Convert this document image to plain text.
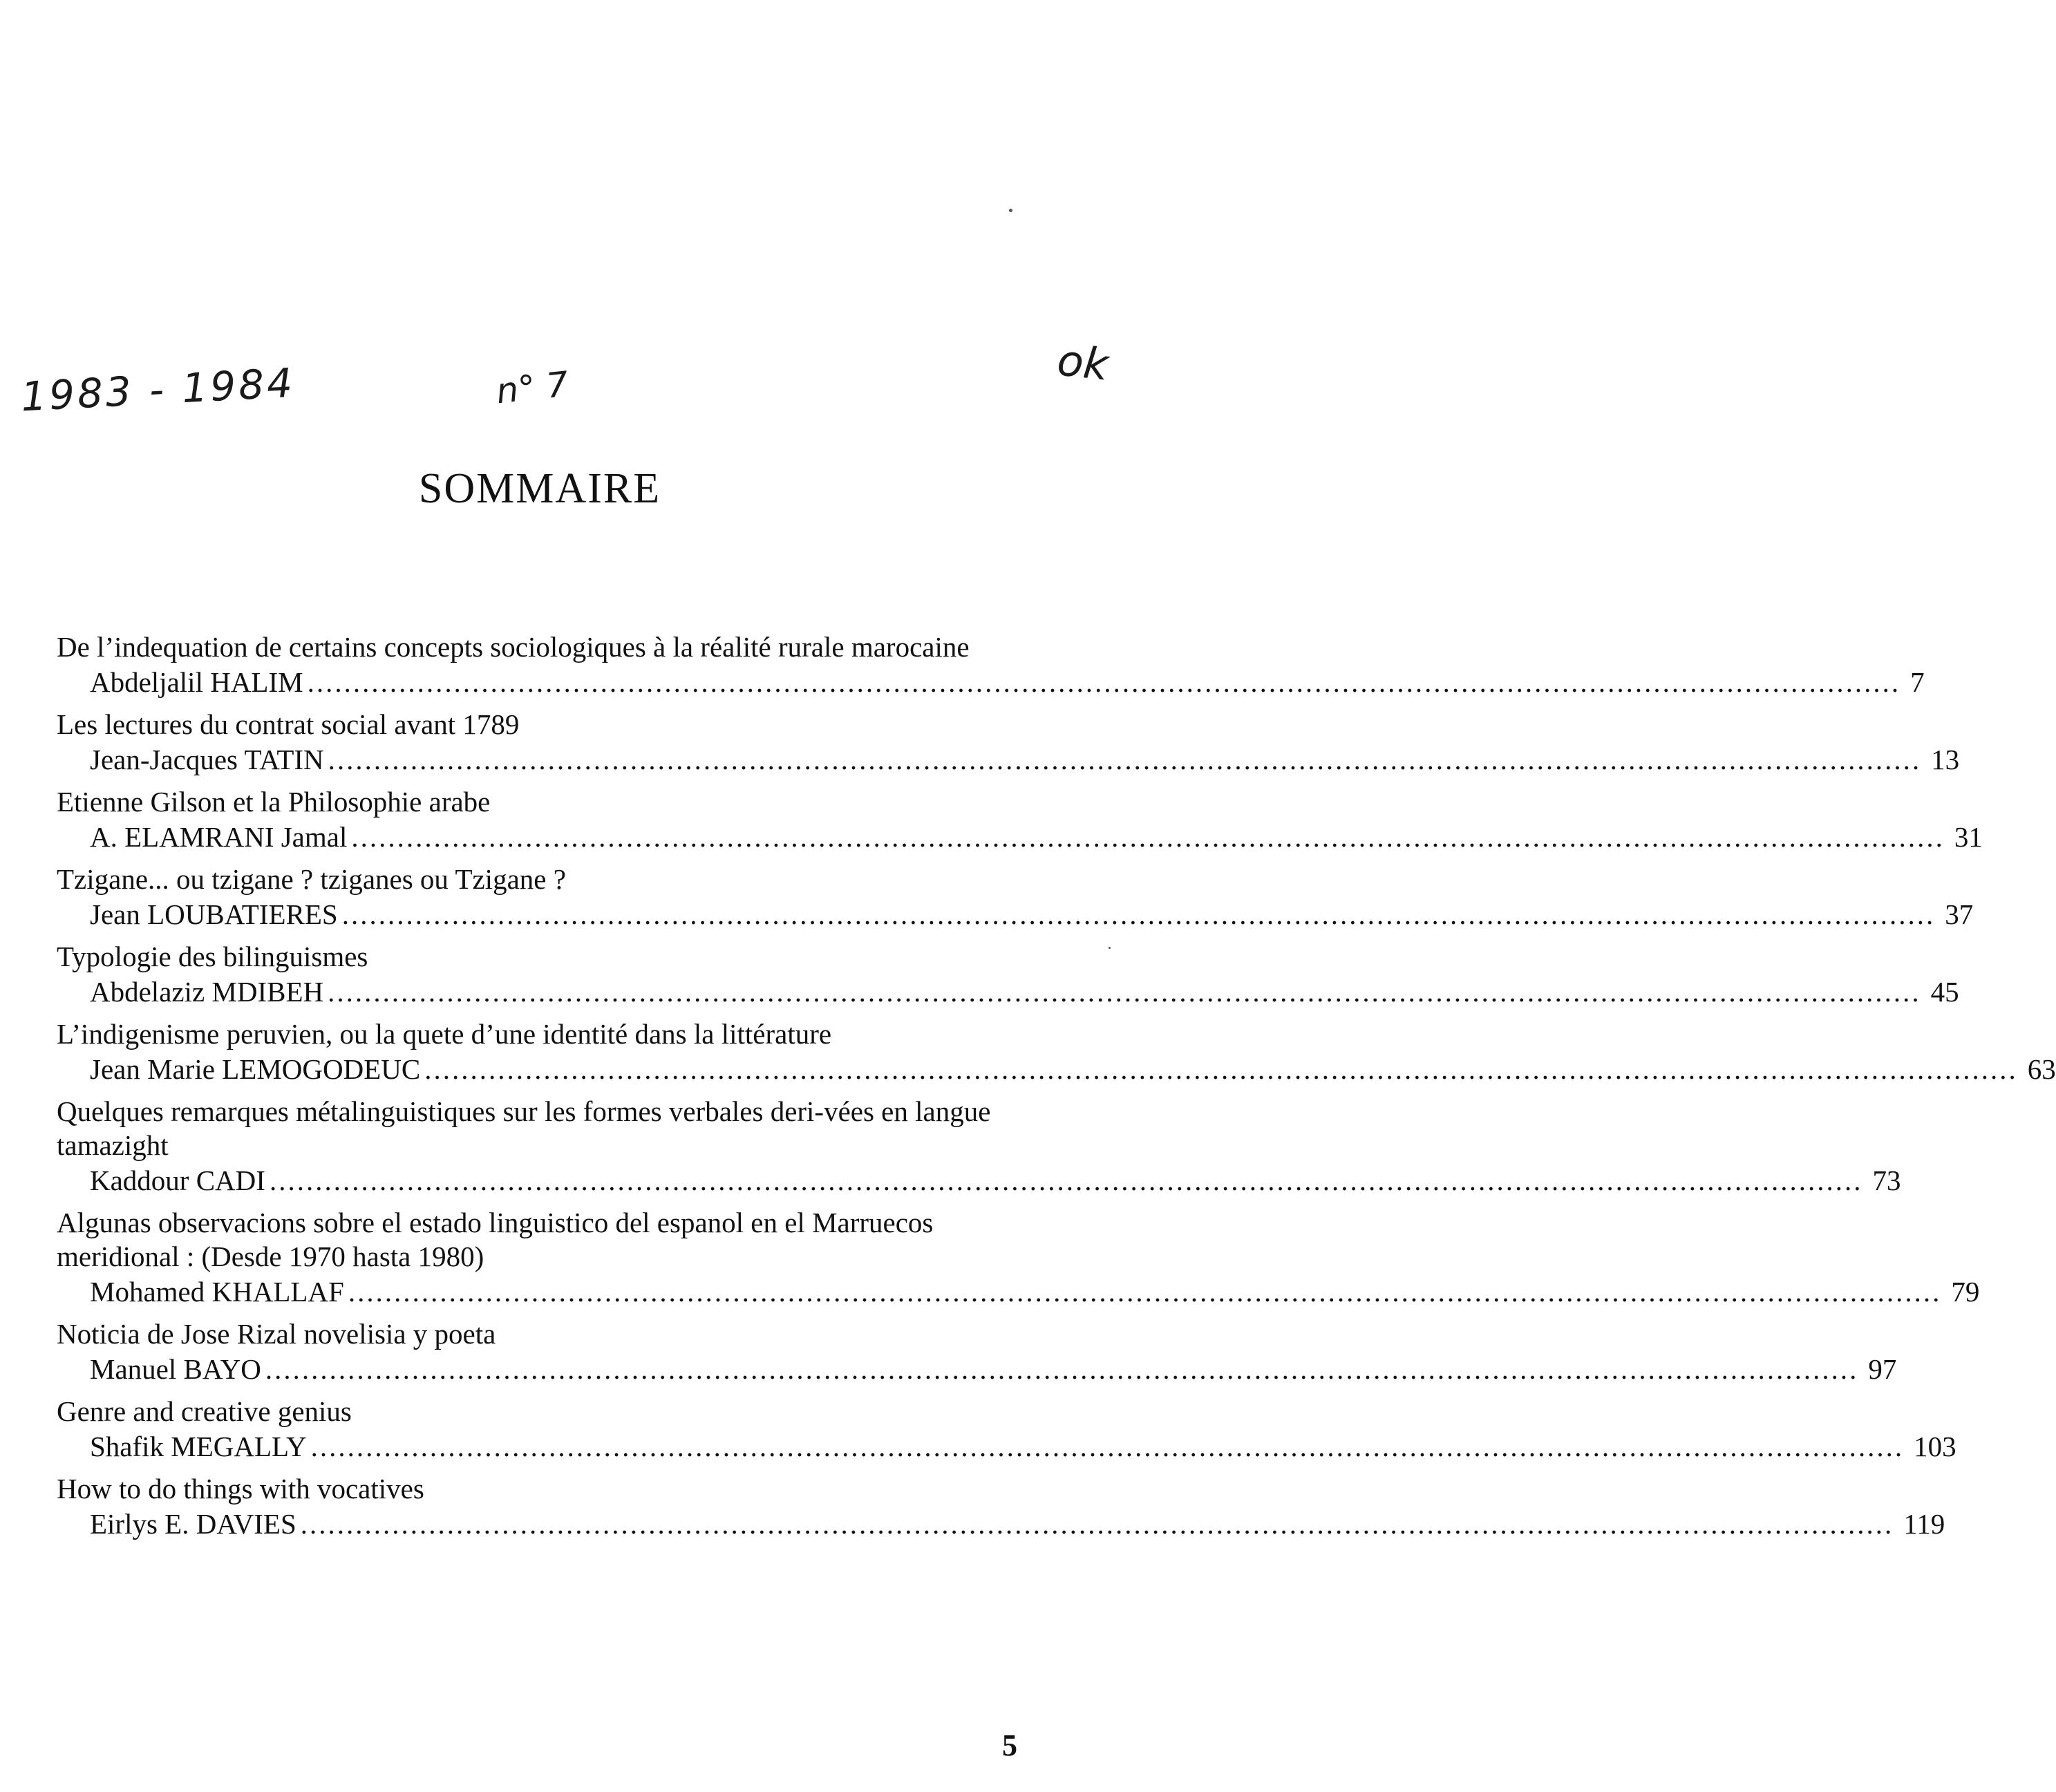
1983 - 1984	n° 7	ok
SOMMAIRE
De l’indequation de certains concepts sociologiques à la réalité rurale marocaine
Abdeljalil HALIM .............................................................................................................................................................................. 7
Les lectures du contrat social avant 1789
Jean-Jacques TATIN .............................................................................................................................................................................. 13
Etienne Gilson et la Philosophie arabe
A. ELAMRANI Jamal .............................................................................................................................................................................. 31
Tzigane... ou tzigane ? tziganes ou Tzigane ?
Jean LOUBATIERES .............................................................................................................................................................................. 37
Typologie des bilinguismes
Abdelaziz MDIBEH .............................................................................................................................................................................. 45
L’indigenisme peruvien, ou la quete d’une identité dans la littérature
Jean Marie LEMOGODEUC .............................................................................................................................................................................. 63
Quelques remarques métalinguistiques sur les formes verbales deri-vées en langue tamazight
Kaddour CADI .............................................................................................................................................................................. 73
Algunas observacions sobre el estado linguistico del espanol en el Marruecos meridional : (Desde 1970 hasta 1980)
Mohamed KHALLAF .............................................................................................................................................................................. 79
Noticia de Jose Rizal novelisia y poeta
Manuel BAYO .............................................................................................................................................................................. 97
Genre and creative genius
Shafik MEGALLY .............................................................................................................................................................................. 103
How to do things with vocatives
Eirlys E. DAVIES .............................................................................................................................................................................. 119
5
